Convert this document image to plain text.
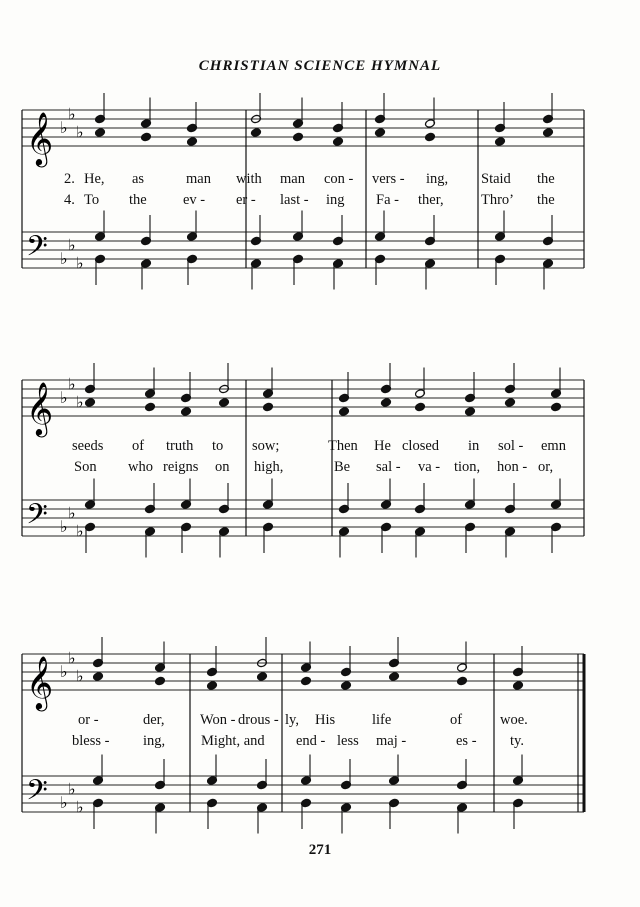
CHRISTIAN SCIENCE HYMNAL
𝄞
𝄢
♭
♭
♭
♭
♭
♭
2. He, as	man with man con - vers - ing, Staid the
4. To the	ev - er - last - ing Fa - ther,	Thro’ the
𝄞
𝄢
♭
♭
♭
♭
♭
♭
seeds of truth to sow;	Then He closed in sol - emn
Son who reigns on high,	Be sal - va - tion, hon - or,
𝄞
𝄢
♭
♭
♭
♭
♭
♭
or -	der, Won - drous - ly, His	life	of	woe.
bless - ing, Might, and end - less maj -	es - ty.
271
